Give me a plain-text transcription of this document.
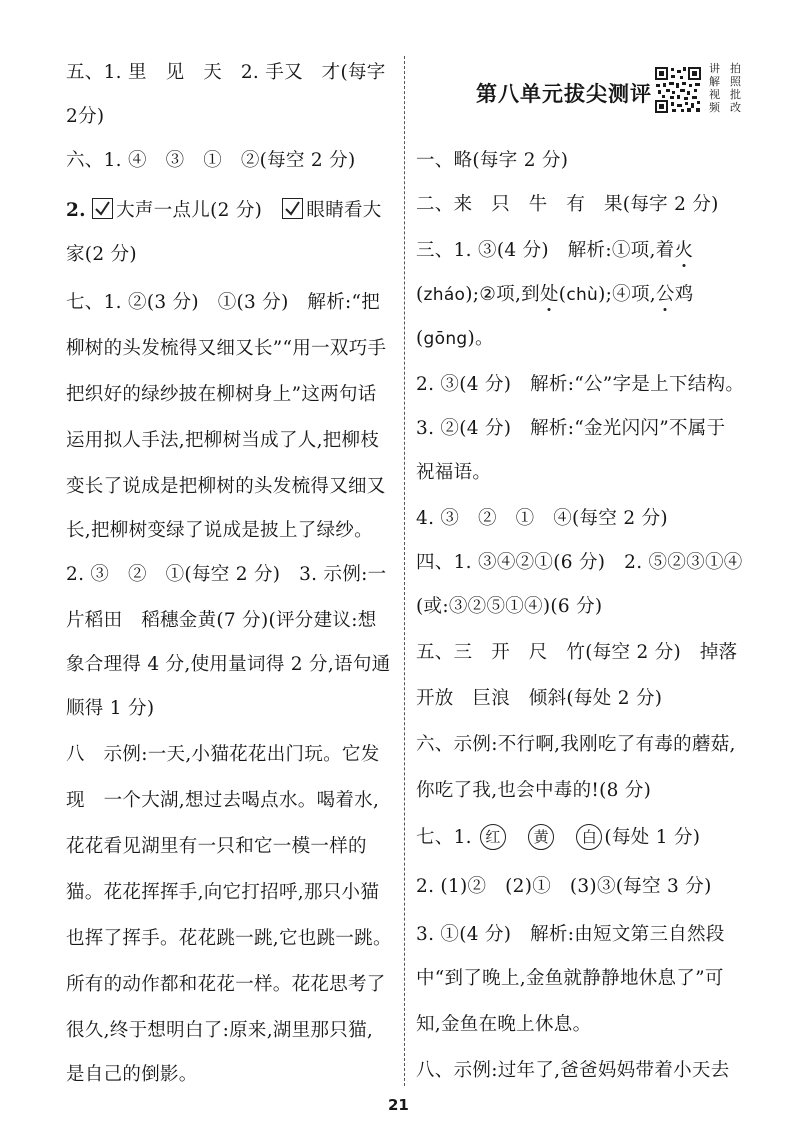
五、1. 里　见　天　2. 手又　才(每字
2分)
六、1. ④　③　①　②(每空 2 分)
2. 大声一点儿(2 分) 眼睛看大
家(2 分)
七、1. ②(3 分)　①(3 分)　解析:“把
柳树的头发梳得又细又长”“用一双巧手
把织好的绿纱披在柳树身上”这两句话
运用拟人手法,把柳树当成了人,把柳枝
变长了说成是把柳树的头发梳得又细又
长,把柳树变绿了说成是披上了绿纱。
2. ③　②　①(每空 2 分)　3. 示例:一
片稻田　稻穗金黄(7 分)(评分建议:想
象合理得 4 分,使用量词得 2 分,语句通
顺得 1 分)
八　示例:一天,小猫花花出门玩。它发
现　一个大湖,想过去喝点水。喝着水,
花花看见湖里有一只和它一模一样的
猫。花花挥挥手,向它打招呼,那只小猫
也挥了挥手。花花跳一跳,它也跳一跳。
所有的动作都和花花一样。花花思考了
很久,终于想明白了:原来,湖里那只猫,
是自己的倒影。
第八单元拔尖测评
讲 拍
解 照
视 批
频 改
一、略(每字 2 分)
二、来　只　牛　有　果(每字 2 分)
三、1. ③(4 分)　解析:①项,着火
(zháo);②项,到处(chù);④项,公鸡
(gōng)。
2. ③(4 分)　解析:“公”字是上下结构。
3. ②(4 分)　解析:“金光闪闪”不属于
祝福语。
4. ③　②　①　④(每空 2 分)
四、1. ③④②①(6 分)　2. ⑤②③①④
(或:③②⑤①④)(6 分)
五、三　开　尺　竹(每空 2 分)　掉落
开放　巨浪　倾斜(每处 2 分)
六、示例:不行啊,我刚吃了有毒的蘑菇,
你吃了我,也会中毒的!(8 分)
七、1. 红 黄 白 (每处 1 分)
2. (1)②　(2)①　(3)③(每空 3 分)
3. ①(4 分)　解析:由短文第三自然段
中“到了晚上,金鱼就静静地休息了”可
知,金鱼在晚上休息。
八、示例:过年了,爸爸妈妈带着小天去
21
